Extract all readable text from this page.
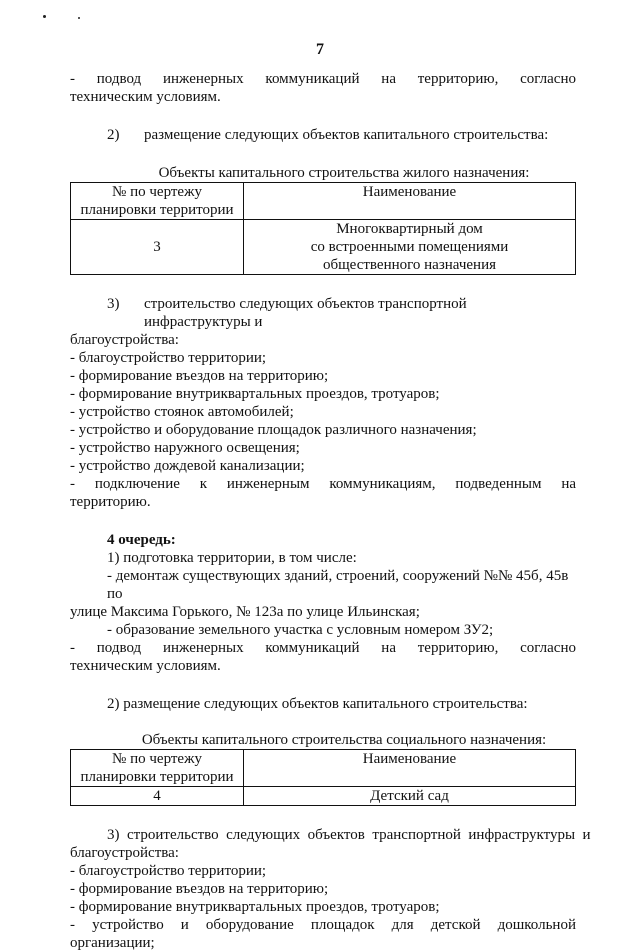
7

-    подвод    инженерных    коммуникаций    на    территорию,    согласно

техническим условиям.

2)	размещение следующих объектов капитального строительства:

Объекты капитального строительства жилого назначения:

№ по чертежу планировки территории	Наименование
3	Многоквартирный дом
со встроенными помещениями
общественного назначения
3)	строительство следующих объектов транспортной инфраструктуры и

благоустройства:

- благоустройство территории;

- формирование въездов на территорию;

- формирование внутриквартальных проездов, тротуаров;

- устройство стоянок автомобилей;

- устройство и оборудование площадок различного назначения;

- устройство наружного освещения;

- устройство дождевой канализации;

-    подключение    к    инженерным    коммуникациям,    подведенным    на

территорию.

4 очередь:

1) подготовка территории, в том числе:

- демонтаж существующих зданий, строений, сооружений №№ 45б, 45в по

улице Максима Горького, № 123а по улице Ильинская;

- образование земельного участка с условным номером ЗУ2;

-    подвод    инженерных    коммуникаций    на    территорию,    согласно

техническим условиям.

2) размещение следующих объектов капитального строительства:

Объекты капитального строительства социального назначения:

№ по чертежу планировки территории	Наименование
4	Детский сад

3)  строительство  следующих  объектов  транспортной  инфраструктуры  и

благоустройства:

- благоустройство территории;

- формирование въездов на территорию;

- формирование внутриквартальных проездов, тротуаров;

-   устройство   и   оборудование   площадок   для   детской   дошкольной

организации;
